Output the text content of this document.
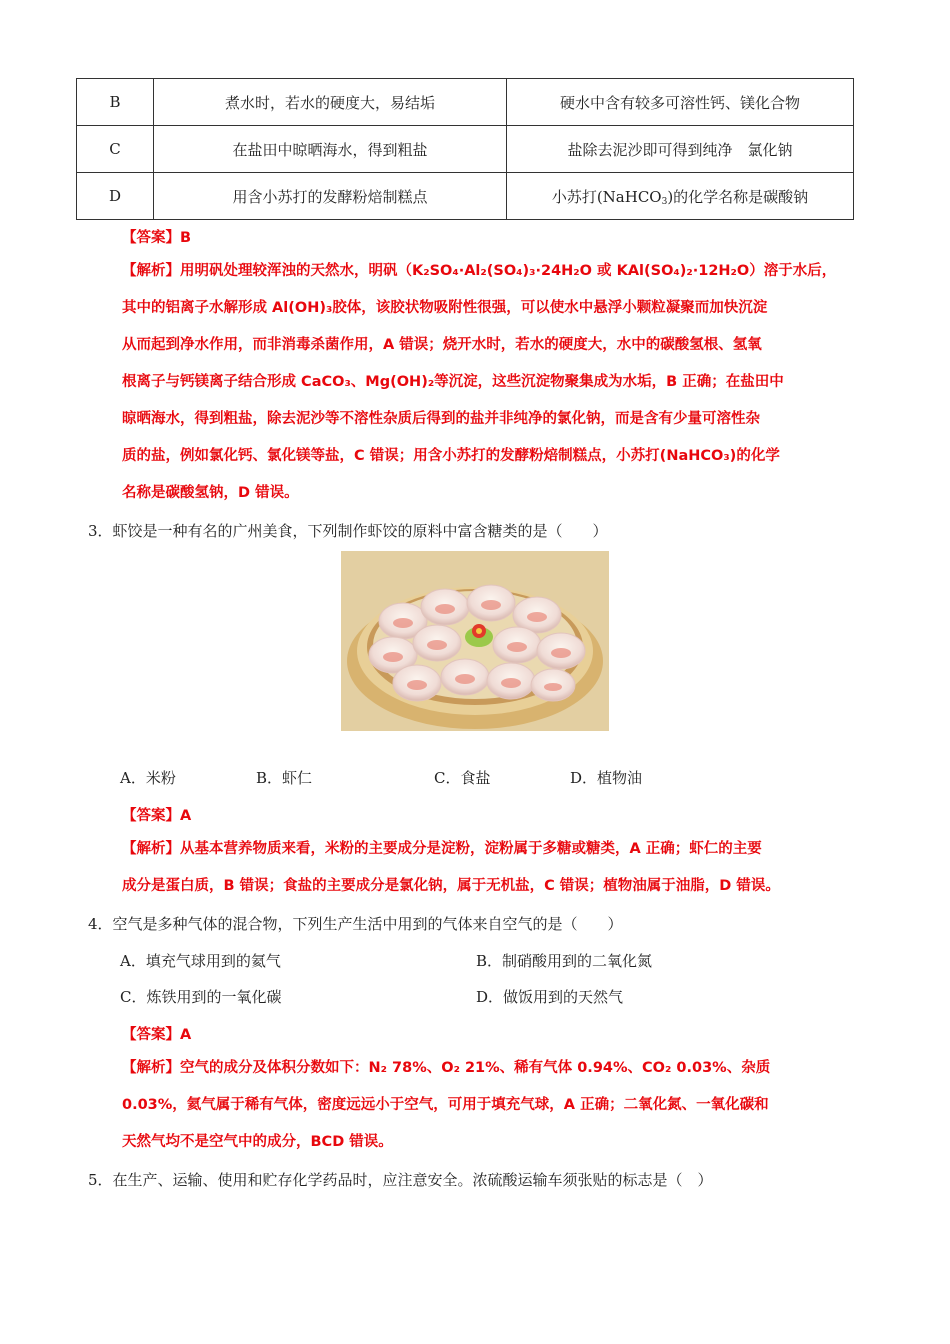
B	煮水时，若水的硬度大，易结垢	硬水中含有较多可溶性钙、镁化合物
C	在盐田中晾晒海水，得到粗盐	盐除去泥沙即可得到纯净　氯化钠
D	用含小苏打的发酵粉焙制糕点	小苏打(NaHCO$_3$)的化学名称是碳酸钠
【答案】B
【解析】用明矾处理较浑浊的天然水，明矾（K₂SO₄·Al₂(SO₄)₃·24H₂O 或 KAl(SO₄)₂·12H₂O）溶于水后，
其中的铝离子水解形成 Al(OH)₃胶体，该胶状物吸附性很强，可以使水中悬浮小颗粒凝聚而加快沉淀
从而起到净水作用，而非消毒杀菌作用，A 错误；烧开水时，若水的硬度大，水中的碳酸氢根、氢氧
根离子与钙镁离子结合形成 CaCO₃、Mg(OH)₂等沉淀，这些沉淀物聚集成为水垢，B 正确；在盐田中
晾晒海水，得到粗盐，除去泥沙等不溶性杂质后得到的盐并非纯净的氯化钠，而是含有少量可溶性杂
质的盐，例如氯化钙、氯化镁等盐，C 错误；用含小苏打的发酵粉焙制糕点，小苏打(NaHCO₃)的化学
名称是碳酸氢钠，D 错误。
3．虾饺是一种有名的广州美食，下列制作虾饺的原料中富含糖类的是（　　）
A．米粉	B．虾仁	C．食盐	D．植物油
【答案】A
【解析】从基本营养物质来看，米粉的主要成分是淀粉，淀粉属于多糖或糖类，A 正确；虾仁的主要
成分是蛋白质，B 错误；食盐的主要成分是氯化钠，属于无机盐，C 错误；植物油属于油脂，D 错误。
4．空气是多种气体的混合物，下列生产生活中用到的气体来自空气的是（　　）
A．填充气球用到的氦气	B．制硝酸用到的二氧化氮
C．炼铁用到的一氧化碳	D．做饭用到的天然气
【答案】A
【解析】空气的成分及体积分数如下：N₂ 78%、O₂ 21%、稀有气体 0.94%、CO₂ 0.03%、杂质
0.03%，氦气属于稀有气体，密度远远小于空气，可用于填充气球，A 正确；二氧化氮、一氧化碳和
天然气均不是空气中的成分，BCD 错误。
5．在生产、运输、使用和贮存化学药品时，应注意安全。浓硫酸运输车须张贴的标志是（　）
